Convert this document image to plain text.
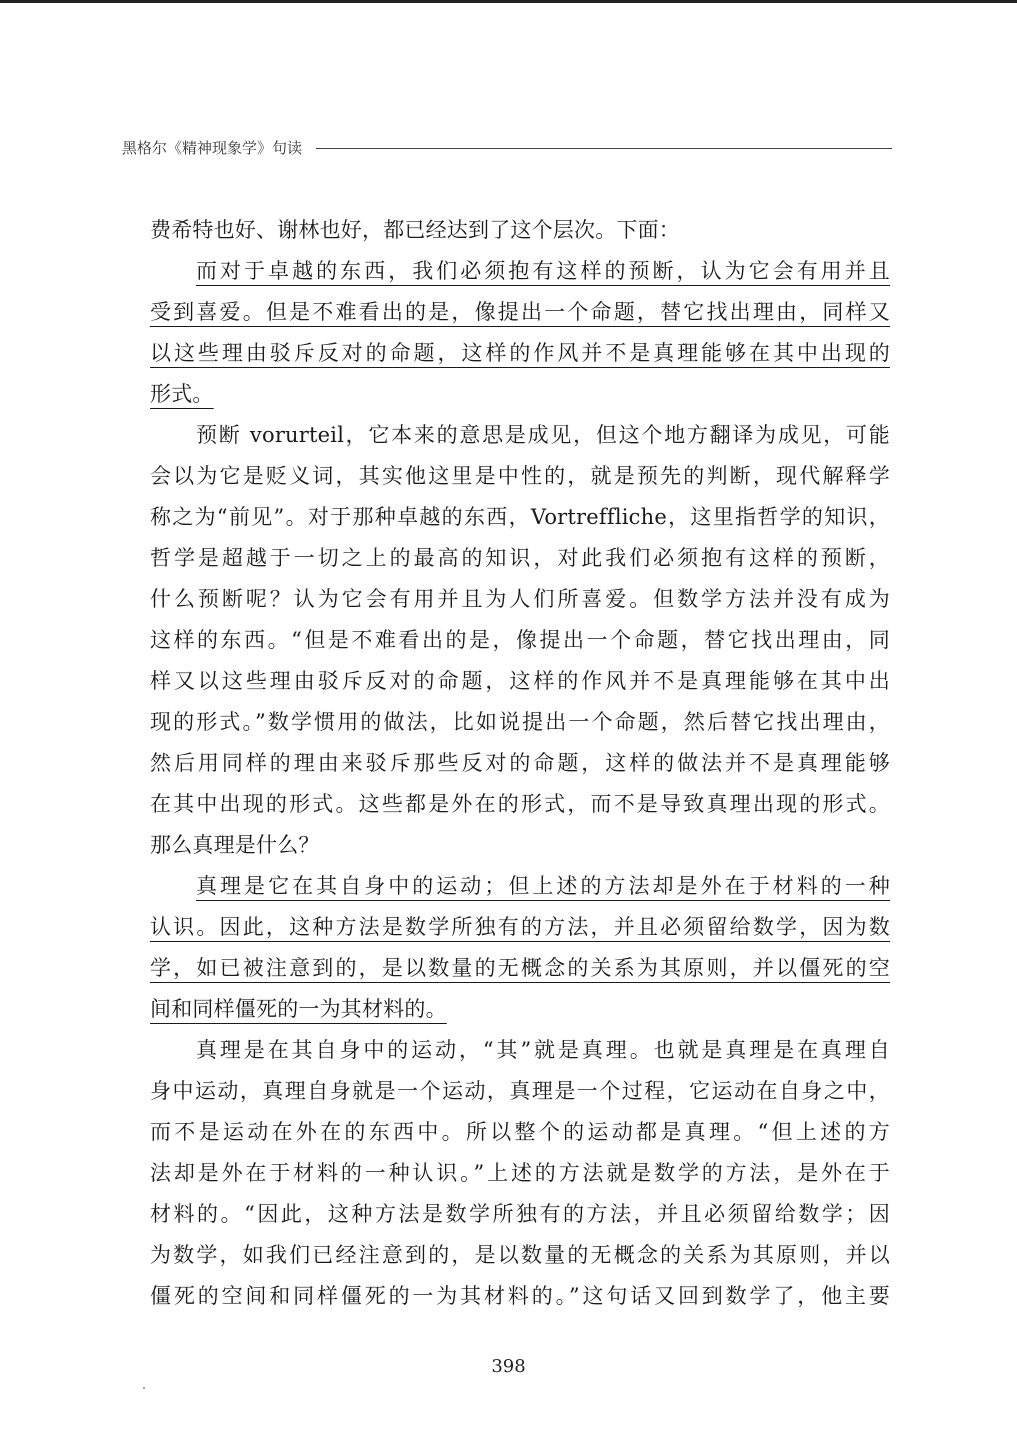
黑格尔《精神现象学》句读
费希特也好、谢林也好，都已经达到了这个层次。下面：
而对于卓越的东西，我们必须抱有这样的预断，认为它会有用并且
受到喜爱。但是不难看出的是，像提出一个命题，替它找出理由，同样又
以这些理由驳斥反对的命题，这样的作风并不是真理能够在其中出现的
形式。
预断 vorurteil，它本来的意思是成见，但这个地方翻译为成见，可能
会以为它是贬义词，其实他这里是中性的，就是预先的判断，现代解释学
称之为“前见”。对于那种卓越的东西，Vortreffliche，这里指哲学的知识，
哲学是超越于一切之上的最高的知识，对此我们必须抱有这样的预断，
什么预断呢？认为它会有用并且为人们所喜爱。但数学方法并没有成为
这样的东西。“但是不难看出的是，像提出一个命题，替它找出理由，同
样又以这些理由驳斥反对的命题，这样的作风并不是真理能够在其中出
现的形式。”数学惯用的做法，比如说提出一个命题，然后替它找出理由，
然后用同样的理由来驳斥那些反对的命题，这样的做法并不是真理能够
在其中出现的形式。这些都是外在的形式，而不是导致真理出现的形式。
那么真理是什么？
真理是它在其自身中的运动；但上述的方法却是外在于材料的一种
认识。因此，这种方法是数学所独有的方法，并且必须留给数学，因为数
学，如已被注意到的，是以数量的无概念的关系为其原则，并以僵死的空
间和同样僵死的一为其材料的。
真理是在其自身中的运动，“其”就是真理。也就是真理是在真理自
身中运动，真理自身就是一个运动，真理是一个过程，它运动在自身之中，
而不是运动在外在的东西中。所以整个的运动都是真理。“但上述的方
法却是外在于材料的一种认识。”上述的方法就是数学的方法，是外在于
材料的。“因此，这种方法是数学所独有的方法，并且必须留给数学；因
为数学，如我们已经注意到的，是以数量的无概念的关系为其原则，并以
僵死的空间和同样僵死的一为其材料的。”这句话又回到数学了，他主要
398
